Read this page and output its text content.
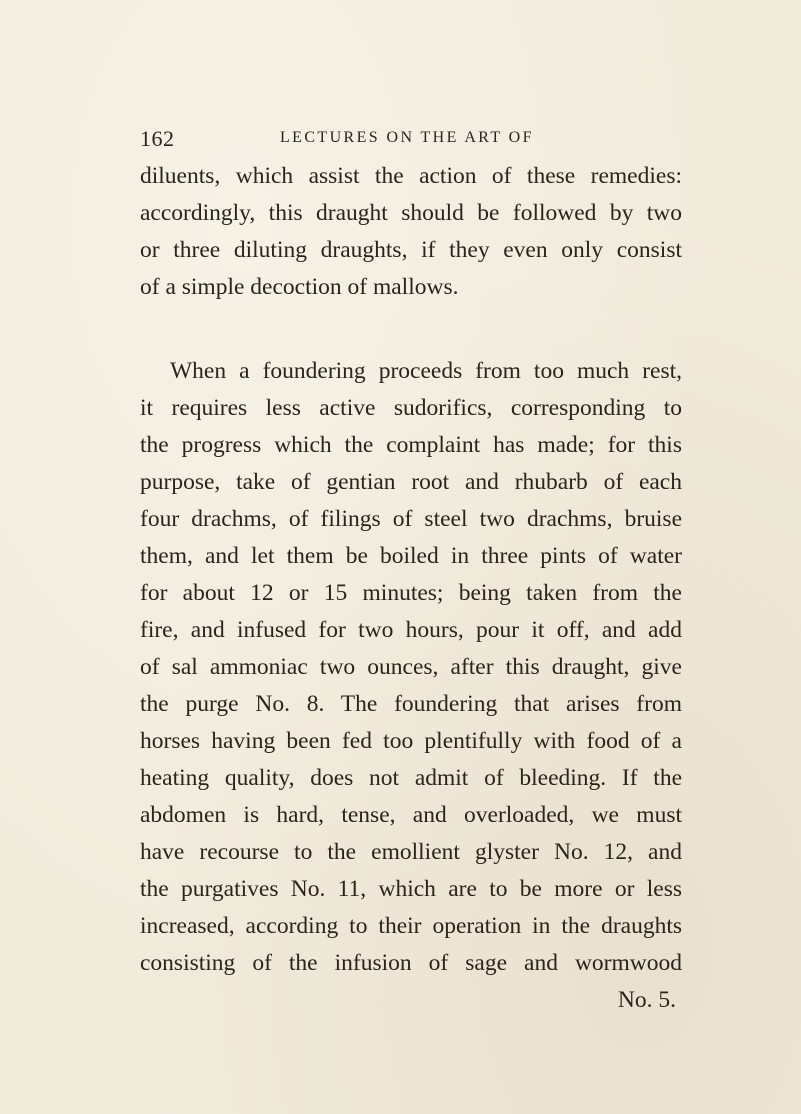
162	LECTURES ON THE ART OF
diluents, which assist the action of these remedies:
accordingly, this draught should be followed by two
or three diluting draughts, if they even only consist
of a simple decoction of mallows.
When a foundering proceeds from too much rest,
it requires less active sudorifics, corresponding to
the progress which the complaint has made; for this
purpose, take of gentian root and rhubarb of each
four drachms, of filings of steel two drachms, bruise
them, and let them be boiled in three pints of water
for about 12 or 15 minutes; being taken from the
fire, and infused for two hours, pour it off, and add
of sal ammoniac two ounces, after this draught, give
the purge No. 8. The foundering that arises from
horses having been fed too plentifully with food of a
heating quality, does not admit of bleeding. If the
abdomen is hard, tense, and overloaded, we must
have recourse to the emollient glyster No. 12, and
the purgatives No. 11, which are to be more or less
increased, according to their operation in the draughts
consisting of the infusion of sage and wormwood
No. 5.
